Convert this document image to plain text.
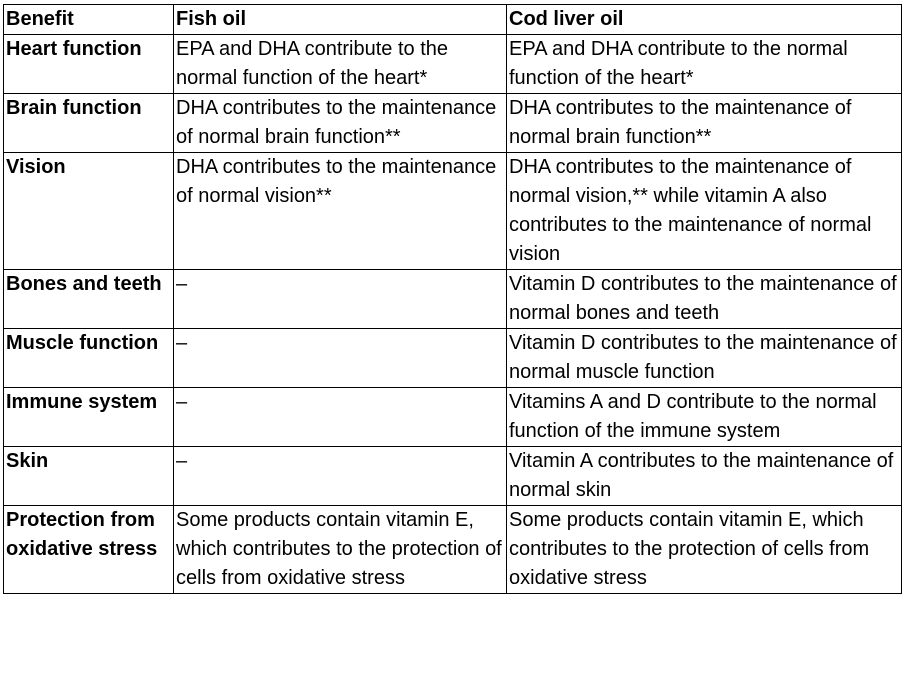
Benefit	Fish oil	Cod liver oil
Heart function	EPA and DHA contribute to the normal function of the heart*	EPA and DHA contribute to the normal function of the heart*
Brain function	DHA contributes to the maintenance of normal brain function**	DHA contributes to the maintenance of normal brain function**
Vision	DHA contributes to the maintenance of normal vision**	DHA contributes to the maintenance of normal vision,** while vitamin A also contributes to the maintenance of normal vision
Bones and teeth	–	Vitamin D contributes to the maintenance of normal bones and teeth
Muscle function	–	Vitamin D contributes to the maintenance of normal muscle function
Immune system	–	Vitamins A and D contribute to the normal function of the immune system
Skin	–	Vitamin A contributes to the maintenance of normal skin
Protection from oxidative stress	Some products contain vitamin E, which contributes to the protection of cells from oxidative stress	Some products contain vitamin E, which contributes to the protection of cells from oxidative stress
